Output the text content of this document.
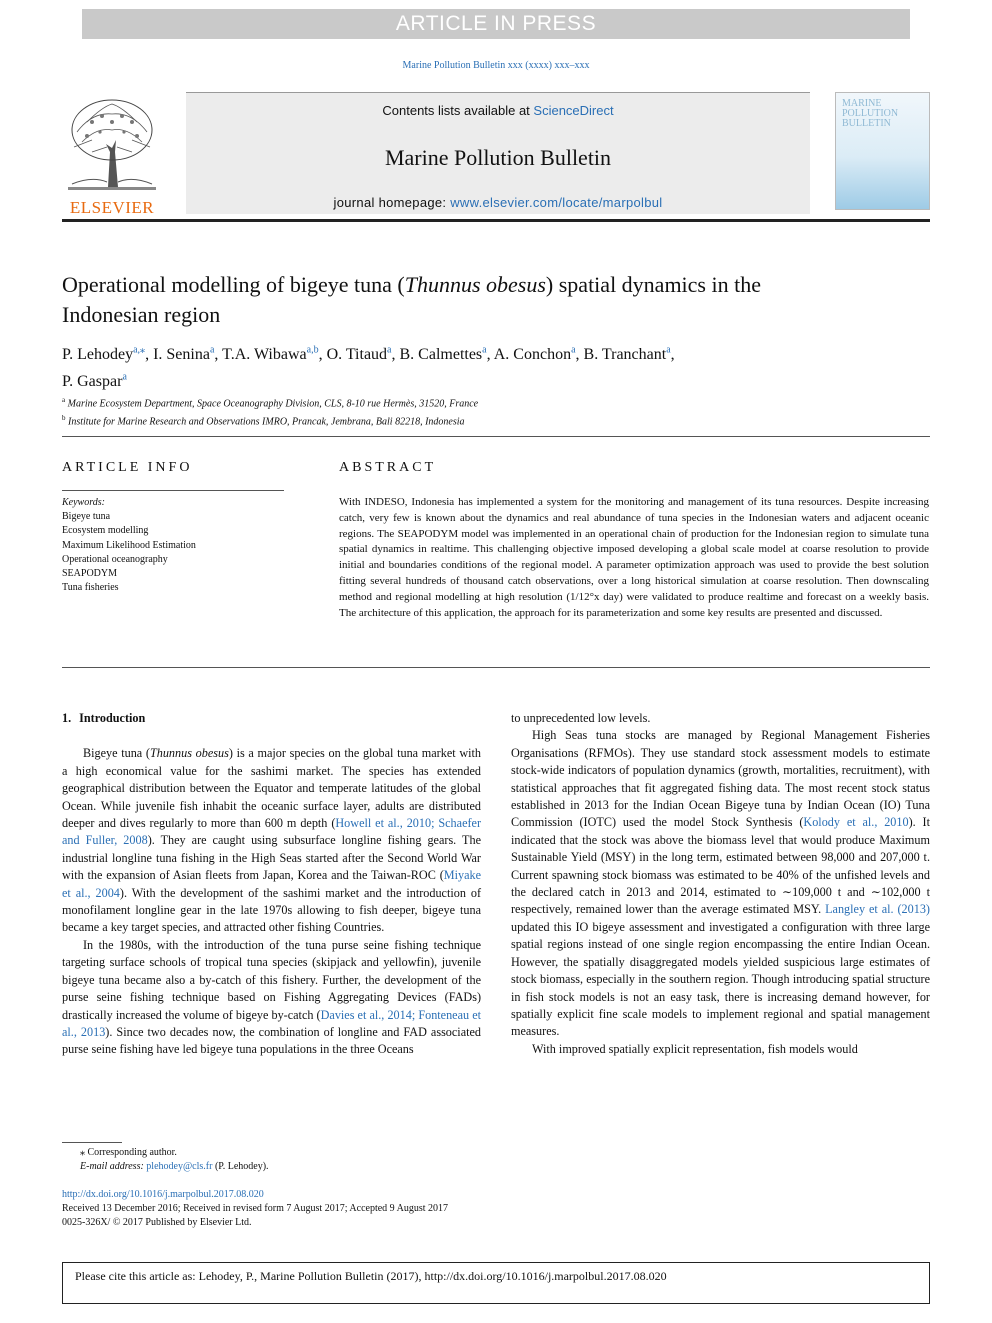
ARTICLE IN PRESS
Marine Pollution Bulletin xxx (xxxx) xxx–xxx
ELSEVIER
Contents lists available at ScienceDirect
Marine Pollution Bulletin
journal homepage: www.elsevier.com/locate/marpolbul
MARINE POLLUTION BULLETIN
Operational modelling of bigeye tuna (Thunnus obesus) spatial dynamics in the Indonesian region
P. Lehodey$^{a,⁎}$, I. Senina$^a$, T.A. Wibawa$^{a,b}$, O. Titaud$^a$, B. Calmettes$^a$, A. Conchon$^a$, B. Tranchant$^a$,
P. Gaspar$^a$
$^a$ Marine Ecosystem Department, Space Oceanography Division, CLS, 8-10 rue Hermès, 31520, France
$^b$ Institute for Marine Research and Observations IMRO, Prancak, Jembrana, Bali 82218, Indonesia
ARTICLE INFO	ABSTRACT
Keywords:
Bigeye tuna
Ecosystem modelling
Maximum Likelihood Estimation
Operational oceanography
SEAPODYM
Tuna fisheries
With INDESO, Indonesia has implemented a system for the monitoring and management of its tuna resources. Despite increasing catch, very few is known about the dynamics and real abundance of tuna species in the Indonesian waters and adjacent oceanic regions. The SEAPODYM model was implemented in an operational chain of production for the Indonesian region to simulate tuna spatial dynamics in realtime. This challenging objective imposed developing a global scale model at coarse resolution to provide initial and boundaries conditions of the regional model. A parameter optimization approach was used to provide the best solution fitting several hundreds of thousand catch observations, over a long historical simulation at coarse resolution. Then downscaling method and regional modelling at high resolution (1/12°x day) were validated to produce realtime and forecast on a weekly basis. The architecture of this application, the approach for its parameterization and some key results are presented and discussed.
1. Introduction

Bigeye tuna (Thunnus obesus) is a major species on the global tuna market with a high economical value for the sashimi market. The species has extended geographical distribution between the Equator and temperate latitudes of the global Ocean. While juvenile fish inhabit the oceanic surface layer, adults are distributed deeper and dives regularly to more than 600 m depth (Howell et al., 2010; Schaefer and Fuller, 2008). They are caught using subsurface longline fishing gears. The industrial longline tuna fishing in the High Seas started after the Second World War with the expansion of Asian fleets from Japan, Korea and the Taiwan-ROC (Miyake et al., 2004). With the development of the sashimi market and the introduction of monofilament longline gear in the late 1970s allowing to fish deeper, bigeye tuna became a key target species, and attracted other fishing Countries.

In the 1980s, with the introduction of the tuna purse seine fishing technique targeting surface schools of tropical tuna species (skipjack and yellowfin), juvenile bigeye tuna became also a by-catch of this fishery. Further, the development of the purse seine fishing technique based on Fishing Aggregating Devices (FADs) drastically increased the volume of bigeye by-catch (Davies et al., 2014; Fonteneau et al., 2013). Since two decades now, the combination of longline and FAD associated purse seine fishing have led bigeye tuna populations in the three Oceans

to unprecedented low levels.

High Seas tuna stocks are managed by Regional Management Fisheries Organisations (RFMOs). They use standard stock assessment models to estimate stock-wide indicators of population dynamics (growth, mortalities, recruitment), with statistical approaches that fit aggregated fishing data. The most recent stock status established in 2013 for the Indian Ocean Bigeye tuna by Indian Ocean (IO) Tuna Commission (IOTC) used the model Stock Synthesis (Kolody et al., 2010). It indicated that the stock was above the biomass level that would produce Maximum Sustainable Yield (MSY) in the long term, estimated between 98,000 and 207,000 t. Current spawning stock biomass was estimated to be 40% of the unfished levels and the declared catch in 2013 and 2014, estimated to ∼109,000 t and ∼102,000 t respectively, remained lower than the average estimated MSY. Langley et al. (2013) updated this IO bigeye assessment and investigated a configuration with three large spatial regions instead of one single region encompassing the entire Indian Ocean. However, the spatially disaggregated models yielded suspicious large estimates of stock biomass, especially in the southern region. Though introducing spatial structure in fish stock models is not an easy task, there is increasing demand however, for spatially explicit fine scale models to implement regional and spatial management measures.

With improved spatially explicit representation, fish models would

⁎ Corresponding author.
E-mail address: plehodey@cls.fr (P. Lehodey).
http://dx.doi.org/10.1016/j.marpolbul.2017.08.020
Received 13 December 2016; Received in revised form 7 August 2017; Accepted 9 August 2017
0025-326X/ © 2017 Published by Elsevier Ltd.
Please cite this article as: Lehodey, P., Marine Pollution Bulletin (2017), http://dx.doi.org/10.1016/j.marpolbul.2017.08.020
